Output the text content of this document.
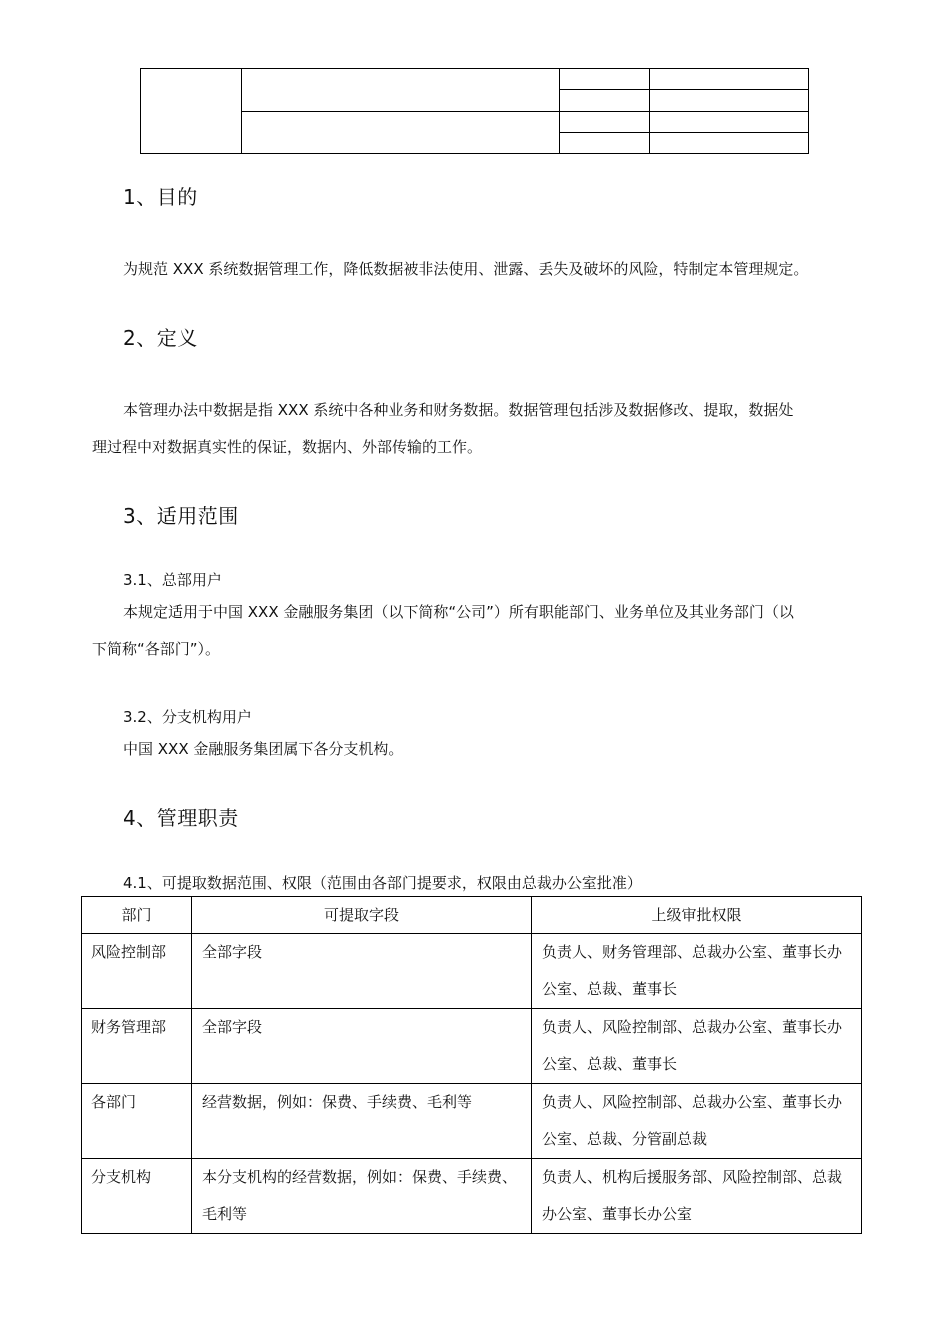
1、目的
为规范 XXX 系统数据管理工作，降低数据被非法使用、泄露、丢失及破坏的风险，特制定本管理规定。
2、定义
本管理办法中数据是指 XXX 系统中各种业务和财务数据。数据管理包括涉及数据修改、提取，数据处
理过程中对数据真实性的保证，数据内、外部传输的工作。
3、适用范围
3.1、总部用户
本规定适用于中国 XXX 金融服务集团（以下简称“公司”）所有职能部门、业务单位及其业务部门（以
下简称“各部门”）。
3.2、分支机构用户
中国 XXX 金融服务集团属下各分支机构。
4、管理职责
4.1、可提取数据范围、权限（范围由各部门提要求，权限由总裁办公室批准）
部门	可提取字段	上级审批权限
风险控制部	全部字段	负责人、财务管理部、总裁办公室、董事长办公室、总裁、董事长
财务管理部	全部字段	负责人、风险控制部、总裁办公室、董事长办公室、总裁、董事长
各部门	经营数据，例如：保费、手续费、毛利等	负责人、风险控制部、总裁办公室、董事长办公室、总裁、分管副总裁
分支机构	本分支机构的经营数据，例如：保费、手续费、毛利等	负责人、机构后援服务部、风险控制部、总裁办公室、董事长办公室
